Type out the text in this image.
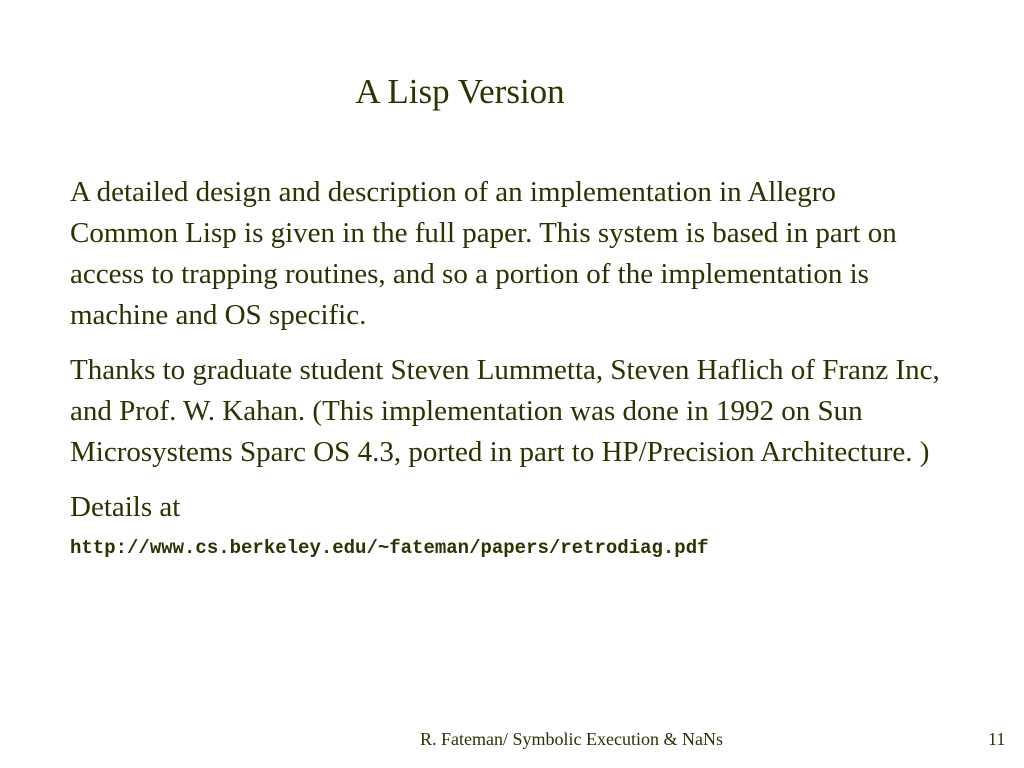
A Lisp Version

A detailed design and description of an implementation in Allegro Common Lisp is given in the full paper. This system is based in part on access to trapping routines, and so a portion of the implementation is machine and OS specific.

Thanks to graduate student Steven Lummetta, Steven Haflich of Franz Inc, and Prof. W. Kahan. (This implementation was done in 1992 on Sun Microsystems Sparc OS 4.3, ported in part to HP/Precision Architecture. )

Details at

http://www.cs.berkeley.edu/~fateman/papers/retrodiag.pdf

R. Fateman/ Symbolic Execution & NaNs	11
